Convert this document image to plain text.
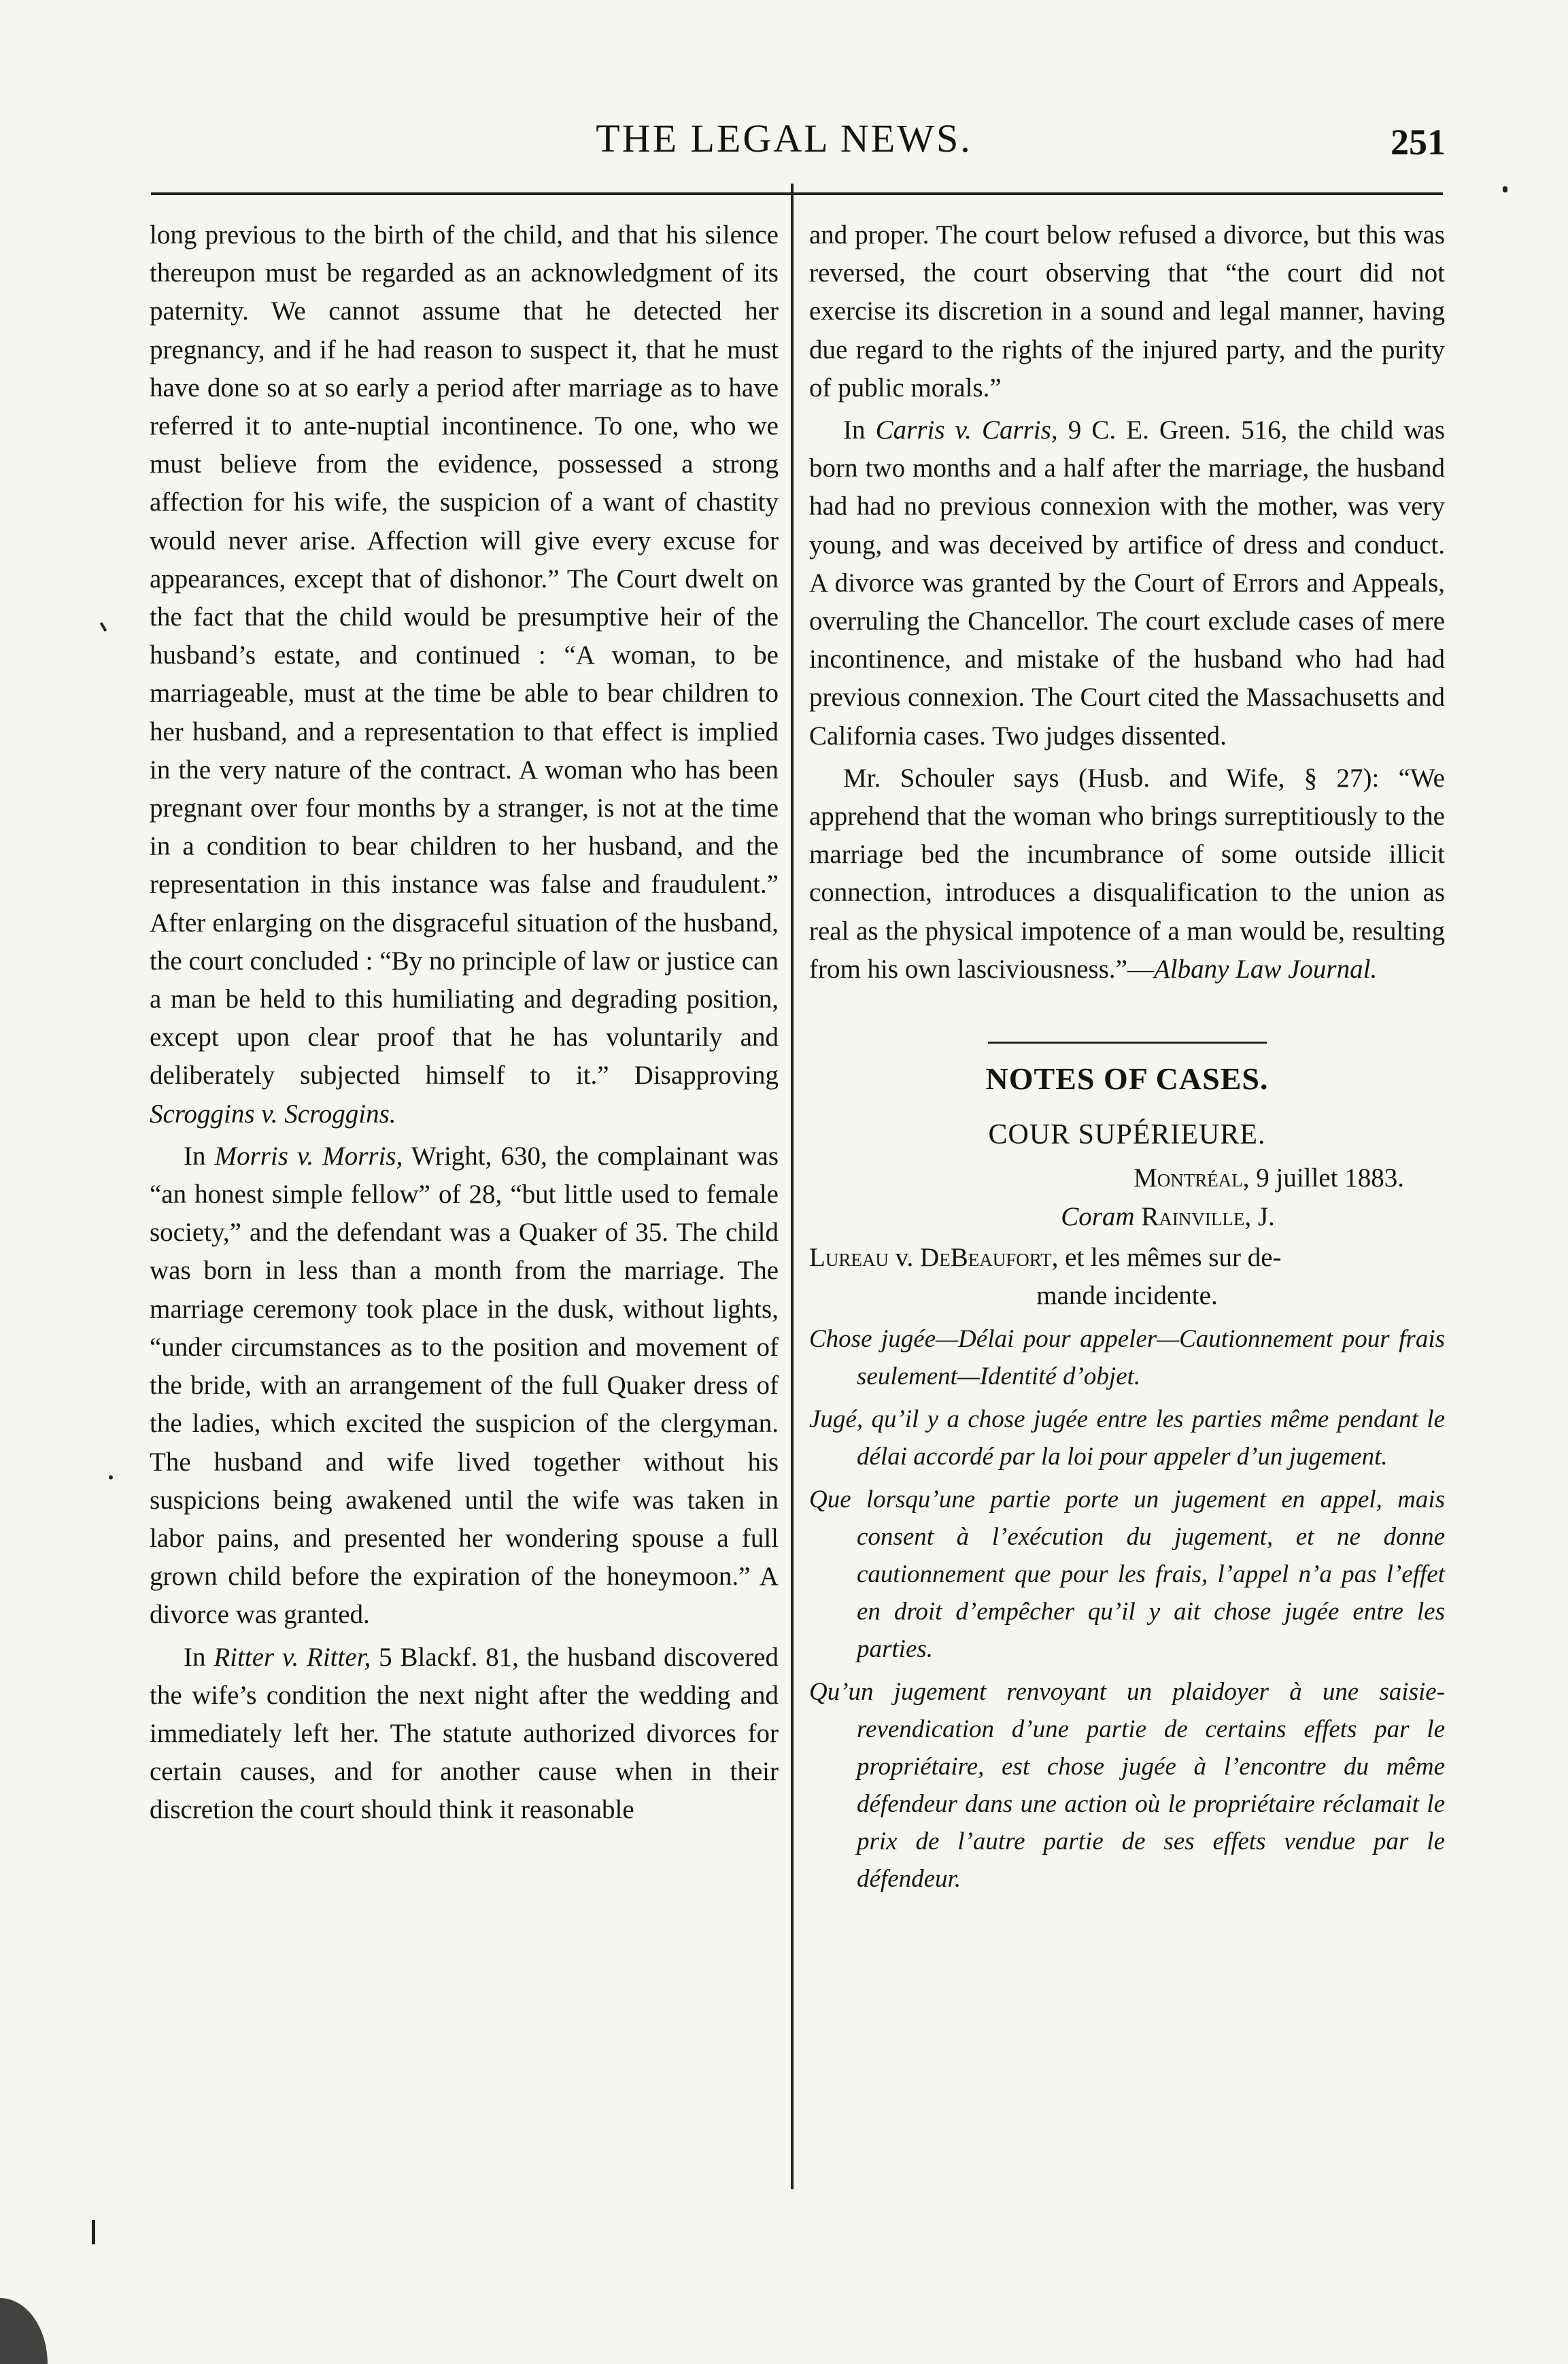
THE LEGAL NEWS.	251

long previous to the birth of the child, and that his silence thereupon must be regarded as an acknowledgment of its paternity. We cannot assume that he detected her pregnancy, and if he had reason to suspect it, that he must have done so at so early a period after marriage as to have referred it to ante-nuptial incontinence. To one, who we must believe from the evidence, possessed a strong affection for his wife, the suspicion of a want of chastity would never arise. Affection will give every excuse for appearances, except that of dishonor.” The Court dwelt on the fact that the child would be presumptive heir of the husband’s estate, and continued : “A woman, to be marriageable, must at the time be able to bear children to her husband, and a representation to that effect is implied in the very nature of the contract. A woman who has been pregnant over four months by a stranger, is not at the time in a condition to bear children to her husband, and the representation in this instance was false and fraudulent.” After enlarging on the disgraceful situation of the husband, the court concluded : “By no principle of law or justice can a man be held to this humiliating and degrading position, except upon clear proof that he has voluntarily and deliberately subjected himself to it.” Disapproving Scroggins v. Scroggins.

In Morris v. Morris, Wright, 630, the complainant was “an honest simple fellow” of 28, “but little used to female society,” and the defendant was a Quaker of 35. The child was born in less than a month from the marriage. The marriage ceremony took place in the dusk, without lights, “under circumstances as to the position and movement of the bride, with an arrangement of the full Quaker dress of the ladies, which excited the suspicion of the clergyman. The husband and wife lived together without his suspicions being awakened until the wife was taken in labor pains, and presented her wondering spouse a full grown child before the expiration of the honeymoon.” A divorce was granted.

In Ritter v. Ritter, 5 Blackf. 81, the husband discovered the wife’s condition the next night after the wedding and immediately left her. The statute authorized divorces for certain causes, and for another cause when in their discretion the court should think it reasonable

and proper. The court below refused a divorce, but this was reversed, the court observing that “the court did not exercise its discretion in a sound and legal manner, having due regard to the rights of the injured party, and the purity of public morals.”

In Carris v. Carris, 9 C. E. Green. 516, the child was born two months and a half after the marriage, the husband had had no previous connexion with the mother, was very young, and was deceived by artifice of dress and conduct. A divorce was granted by the Court of Errors and Appeals, overruling the Chancellor. The court exclude cases of mere incontinence, and mistake of the husband who had had previous connexion. The Court cited the Massachusetts and California cases. Two judges dissented.

Mr. Schouler says (Husb. and Wife, § 27): “We apprehend that the woman who brings surreptitiously to the marriage bed the incumbrance of some outside illicit connection, introduces a disqualification to the union as real as the physical impotence of a man would be, resulting from his own lasciviousness.”—Albany Law Journal.

NOTES OF CASES.
COUR SUPÉRIEURE.
Montréal, 9 juillet 1883.
Coram Rainville, J.
Lureau v. DeBeaufort, et les mêmes sur de-
mande incidente.

Chose jugée—Délai pour appeler—Cautionnement pour frais seulement—Identité d’objet.

Jugé, qu’il y a chose jugée entre les parties même pendant le délai accordé par la loi pour appeler d’un jugement.

Que lorsqu’une partie porte un jugement en appel, mais consent à l’exécution du jugement, et ne donne cautionnement que pour les frais, l’appel n’a pas l’effet en droit d’empêcher qu’il y ait chose jugée entre les parties.

Qu’un jugement renvoyant un plaidoyer à une saisie-revendication d’une partie de certains effets par le propriétaire, est chose jugée à l’encontre du même défendeur dans une action où le propriétaire réclamait le prix de l’autre partie de ses effets vendue par le défendeur.
